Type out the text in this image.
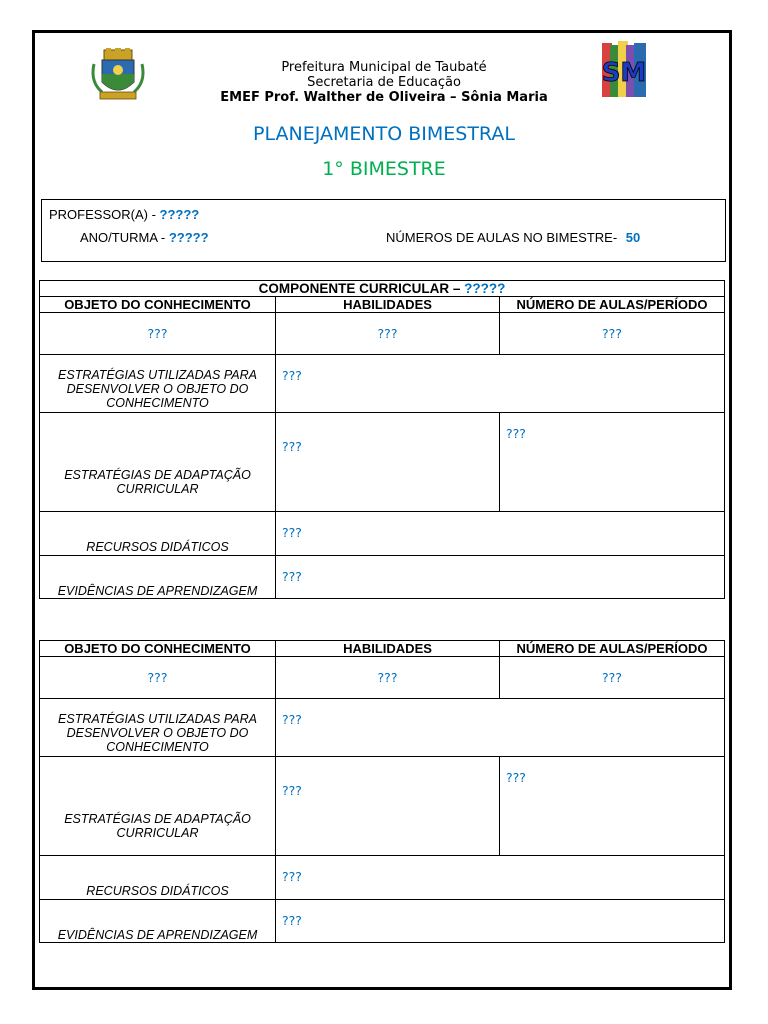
SM
Prefeitura Municipal de Taubaté
Secretaria de Educação
EMEF Prof. Walther de Oliveira – Sônia Maria
PLANEJAMENTO BIMESTRAL
1° BIMESTRE
PROFESSOR(A) - ?????
ANO/TURMA - ?????	NÚMEROS DE AULAS NO BIMESTRE- 50
COMPONENTE CURRICULAR – ?????		
OBJETO DO CONHECIMENTO	HABILIDADES	NÚMERO DE AULAS/PERÍODO
???	???	???
ESTRATÉGIAS UTILIZADAS PARA DESENVOLVER O OBJETO DO CONHECIMENTO	???	
ESTRATÉGIAS DE ADAPTAÇÃO CURRICULAR	???	???
RECURSOS DIDÁTICOS	???	
EVIDÊNCIAS DE APRENDIZAGEM	???	
OBJETO DO CONHECIMENTO	HABILIDADES	NÚMERO DE AULAS/PERÍODO
???	???	???
ESTRATÉGIAS UTILIZADAS PARA DESENVOLVER O OBJETO DO CONHECIMENTO	???	
ESTRATÉGIAS DE ADAPTAÇÃO CURRICULAR	???	???
RECURSOS DIDÁTICOS	???	
EVIDÊNCIAS DE APRENDIZAGEM	???	
